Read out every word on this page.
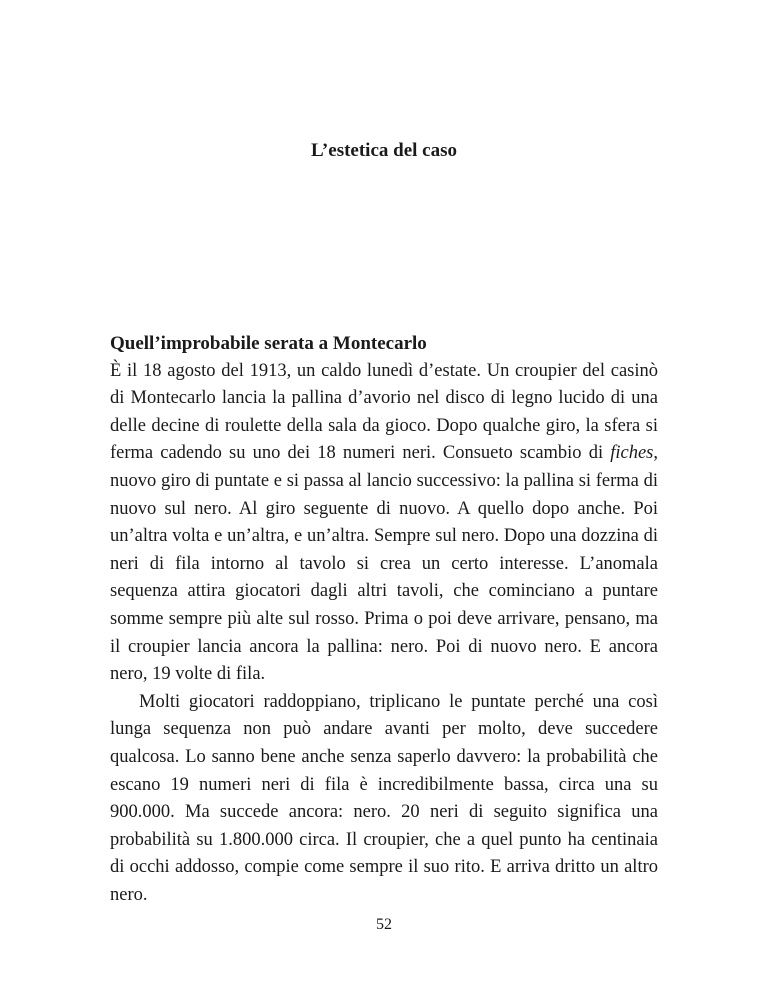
L’estetica del caso
Quell’improbabile serata a Montecarlo

È il 18 agosto del 1913, un caldo lunedì d’estate. Un croupier del casinò di Montecarlo lancia la pallina d’avorio nel disco di legno lucido di una delle decine di roulette della sala da gioco. Dopo qualche giro, la sfera si ferma cadendo su uno dei 18 numeri neri. Consueto scambio di fiches, nuovo giro di puntate e si passa al lancio successivo: la pallina si ferma di nuovo sul nero. Al giro seguente di nuovo. A quello dopo anche. Poi un’altra volta e un’altra, e un’altra. Sempre sul nero. Dopo una dozzina di neri di fila intorno al tavolo si crea un certo interesse. L’anomala sequenza attira giocatori dagli altri tavoli, che cominciano a puntare somme sempre più alte sul rosso. Prima o poi deve arrivare, pensano, ma il croupier lancia ancora la pallina: nero. Poi di nuovo nero. E ancora nero, 19 volte di fila.

Molti giocatori raddoppiano, triplicano le puntate perché una così lunga sequenza non può andare avanti per molto, deve succedere qualcosa. Lo sanno bene anche senza saperlo davvero: la probabilità che escano 19 numeri neri di fila è incredibilmente bassa, circa una su 900.000. Ma succede ancora: nero. 20 neri di seguito significa una probabilità su 1.800.000 circa. Il croupier, che a quel punto ha centinaia di occhi addosso, compie come sempre il suo rito. E arriva dritto un altro nero.

52
